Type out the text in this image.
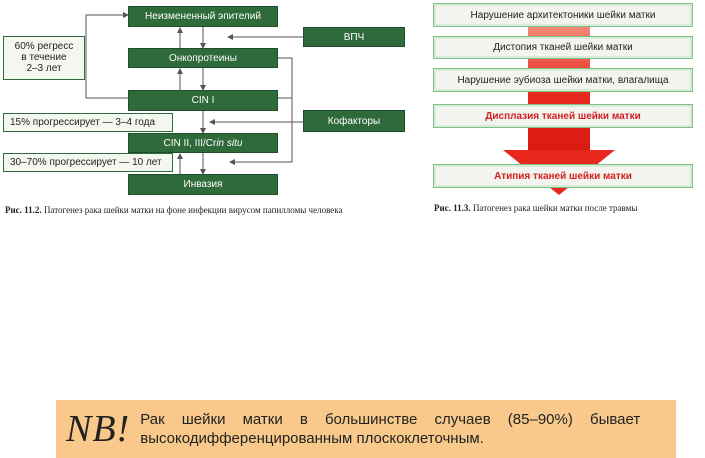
Неизмененный эпителий
Онкопротеины
CIN I
CIN II, III/Cr in situ
Инвазия
ВПЧ
Кофакторы
60% регресс
в течение
2–3 лет
15% прогрессирует — 3–4 года
30–70% прогрессирует — 10 лет
Рис. 11.2. Патогенез рака шейки матки на фоне инфекции вирусом папилломы человека
Нарушение архитектоники шейки матки
Дистопия тканей шейки матки
Нарушение эубиоза шейки матки, влагалища
Дисплазия тканей шейки матки
Атипия тканей шейки матки
Рис. 11.3. Патогенез рака шейки матки после травмы
NB! Рак шейки матки в большинстве случаев (85–90%) бывает высокодифференцированным плоскоклеточным.
